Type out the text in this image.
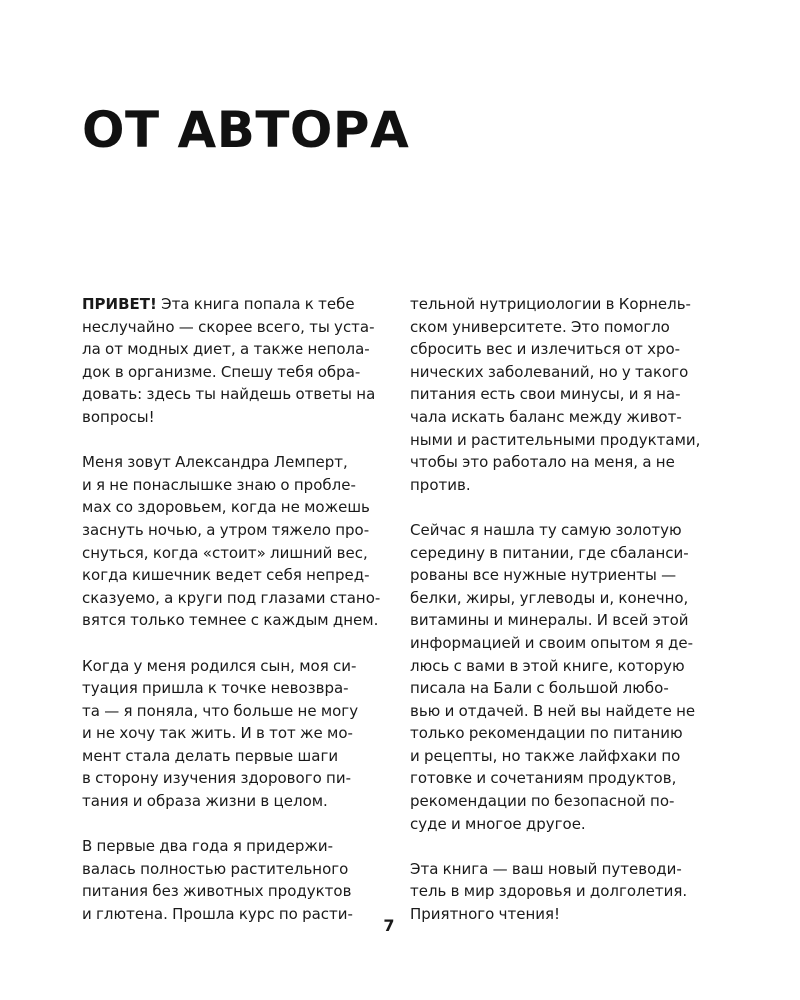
ОТ АВТОРА

ПРИВЕТ! Эта книга попала к тебе
неслучайно — скорее всего, ты уста-
ла от модных диет, а также непола-
док в организме. Спешу тебя обра-
довать: здесь ты найдешь ответы на
вопросы!

Меня зовут Александра Лемперт,
и я не понаслышке знаю о пробле-
мах со здоровьем, когда не можешь
заснуть ночью, а утром тяжело про-
снуться, когда «стоит» лишний вес,
когда кишечник ведет себя непред-
сказуемо, а круги под глазами стано-
вятся только темнее с каждым днем.

Когда у меня родился сын, моя си-
туация пришла к точке невозвра-
та — я поняла, что больше не могу
и не хочу так жить. И в тот же мо-
мент стала делать первые шаги
в сторону изучения здорового пи-
тания и образа жизни в целом.

В первые два года я придержи-
валась полностью растительного
питания без животных продуктов
и глютена. Прошла курс по расти-

тельной нутрициологии в Корнель-
ском университете. Это помогло
сбросить вес и излечиться от хро-
нических заболеваний, но у такого
питания есть свои минусы, и я на-
чала искать баланс между живот-
ными и растительными продуктами,
чтобы это работало на меня, а не
против.

Сейчас я нашла ту самую золотую
середину в питании, где сбаланси-
рованы все нужные нутриенты —
белки, жиры, углеводы и, конечно,
витамины и минералы. И всей этой
информацией и своим опытом я де-
люсь с вами в этой книге, которую
писала на Бали с большой любо-
вью и отдачей. В ней вы найдете не
только рекомендации по питанию
и рецепты, но также лайфхаки по
готовке и сочетаниям продуктов,
рекомендации по безопасной по-
суде и многое другое.

Эта книга — ваш новый путеводи-
тель в мир здоровья и долголетия.
Приятного чтения!

7
